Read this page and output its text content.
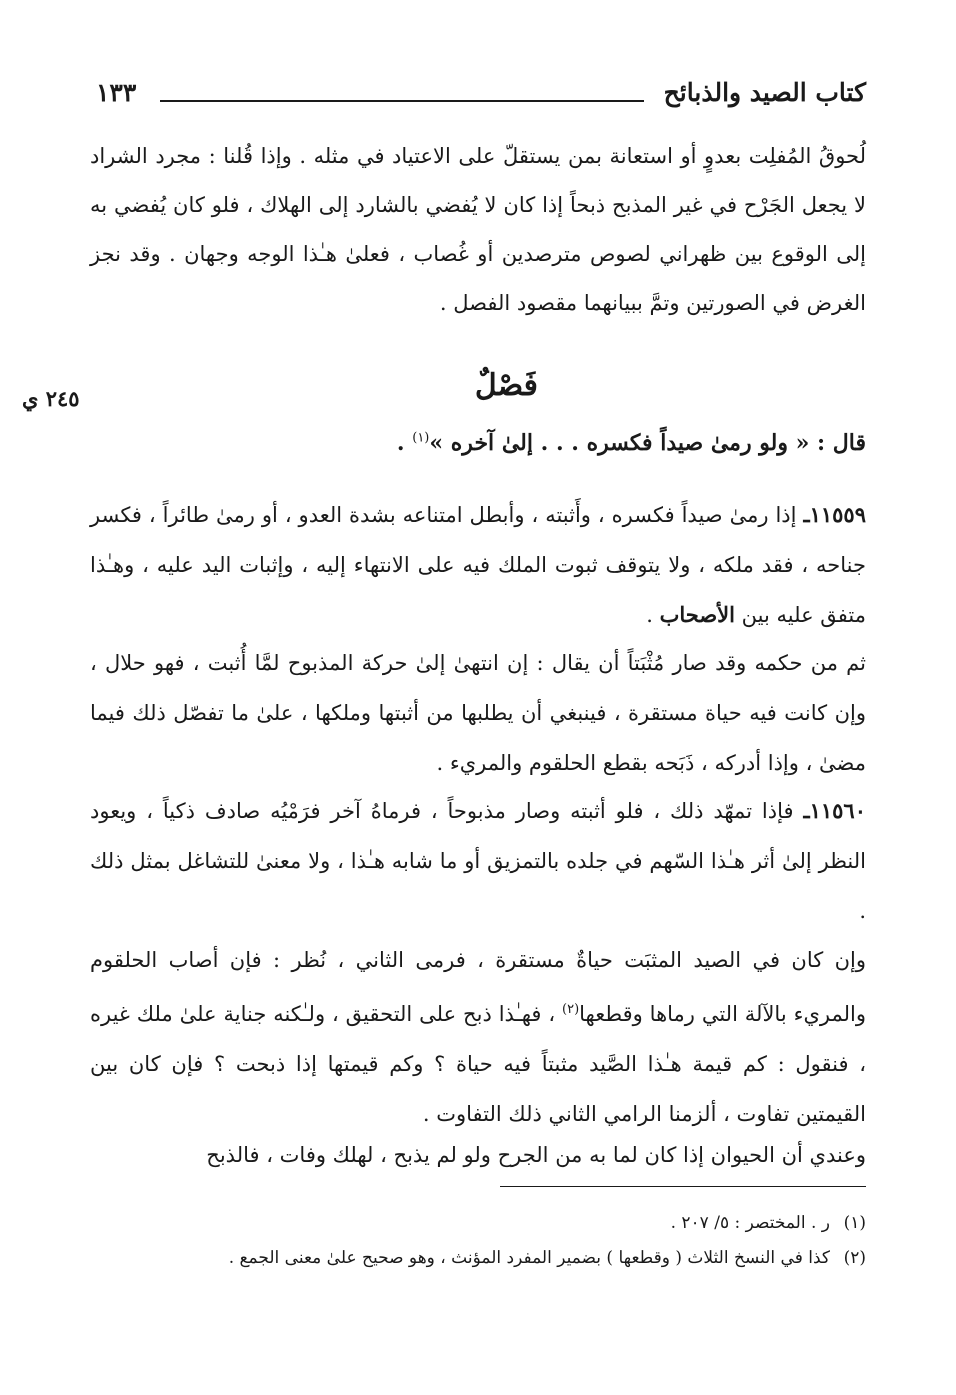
كتاب الصيد والذبائح
١٣٣

لُحوقُ المُفلِت بعدوٍ أو استعانة بمن يستقلّ على الاعتياد في مثله . وإذا قُلنا : مجرد الشراد لا يجعل الجَرْح في غير المذبح ذبحاً إذا كان لا يُفضي بالشارد إلى الهلاك ، فلو كان يُفضي به إلى الوقوع بين ظهراني لصوص مترصدين أو غُصاب ، فعلىٰ هـٰذا الوجه وجهان . وقد نجز الغرض في الصورتين وتمَّ ببيانهما مقصود الفصل .

فَصْلٌ
٢٤٥ ي
قال : « ولو رمىٰ صيداً فكسره . . . إلىٰ آخره »$^{(١)}$ .

١١٥٥٩ـ إذا رمىٰ صيداً فكسره ، وأَثبته ، وأبطل امتناعه بشدة العدو ، أو رمىٰ طائراً ، فكسر جناحه ، فقد ملكه ، ولا يتوقف ثبوت الملك فيه على الانتهاء إليه ، وإثبات اليد عليه ، وهـٰذا متفق عليه بين الأصحاب .

ثم من حكمه وقد صار مُثْبَتاً أن يقال : إن انتهىٰ إلىٰ حركة المذبوح لمَّا أُثبت ، فهو حلال ، وإن كانت فيه حياة مستقرة ، فينبغي أن يطلبها من أثبتها وملكها ، علىٰ ما تفصّل ذلك فيما مضىٰ ، وإذا أدركه ، ذَبَحه بقطع الحلقوم والمريء .

١١٥٦٠ـ فإذا تمهّد ذلك ، فلو أثبته وصار مذبوحاً ، فرماهُ آخر فرَمْيُه صادف ذكياً ، ويعود النظر إلىٰ أثر هـٰذا السّهم في جلده بالتمزيق أو ما شابه هـٰذا ، ولا معنىٰ للتشاغل بمثل ذلك .

وإن كان في الصيد المثبَت حياةٌ مستقرة ، فرمى الثاني ، نُظر : فإن أصاب الحلقوم والمريء بالآلة التي رماها وقطعها$^{(٢)}$ ، فهـٰذا ذبح على التحقيق ، ولـٰكنه جناية علىٰ ملك غيره ، فنقول : كم قيمة هـٰذا الصَّيد مثبتاً فيه حياة ؟ وكم قيمتها إذا ذبحت ؟ فإن كان بين القيمتين تفاوت ، ألزمنا الرامي الثاني ذلك التفاوت .

وعندي أن الحيوان إذا كان لما به من الجرح ولو لم يذبح ، لهلك وفات ، فالذبح

(١)ر . المختصر : ٥/ ٢٠٧ .
(٢)كذا في النسخ الثلاث ( وقطعها ) بضمير المفرد المؤنث ، وهو صحيح علىٰ معنى الجمع .
